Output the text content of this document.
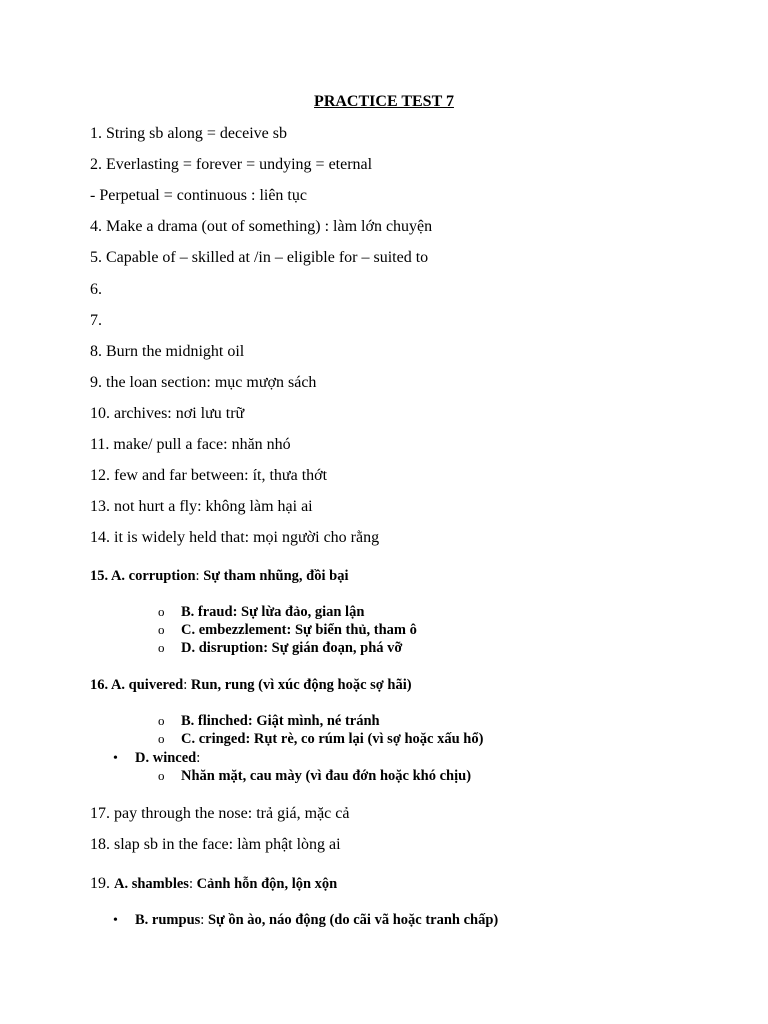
PRACTICE TEST 7
1. String sb along = deceive sb
2. Everlasting = forever = undying = eternal
- Perpetual = continuous : liên tục
4. Make a drama (out of something) : làm lớn chuyện
5. Capable of – skilled at /in – eligible for – suited to
6.
7.
8. Burn the midnight oil
9. the loan section: mục mượn sách
10. archives: nơi lưu trữ
11. make/ pull a face: nhăn nhó
12. few and far between: ít, thưa thớt
13. not hurt a fly: không làm hại ai
14. it is widely held that: mọi người cho rằng
15. A. corruption: Sự tham nhũng, đồi bại
o B. fraud: Sự lừa đảo, gian lận
o C. embezzlement: Sự biển thủ, tham ô
o D. disruption: Sự gián đoạn, phá vỡ
16. A. quivered: Run, rung (vì xúc động hoặc sợ hãi)
o B. flinched: Giật mình, né tránh
o C. cringed: Rụt rè, co rúm lại (vì sợ hoặc xấu hổ)
• D. winced:
o Nhăn mặt, cau mày (vì đau đớn hoặc khó chịu)
17. pay through the nose: trả giá, mặc cả
18. slap sb in the face: làm phật lòng ai
19. A. shambles: Cảnh hỗn độn, lộn xộn
• B. rumpus: Sự ồn ào, náo động (do cãi vã hoặc tranh chấp)
